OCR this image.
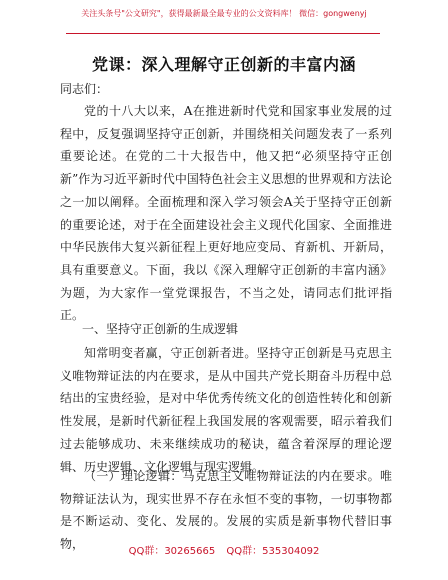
关注头条号"公文研究"，获得最新最全最专业的公文资料库！ 微信：gongwenyj
党课：深入理解守正创新的丰富内涵
同志们：

党的十八大以来，A在推进新时代党和国家事业发展的过程中，反复强调坚持守正创新，并围绕相关问题发表了一系列重要论述。在党的二十大报告中，他又把“必须坚持守正创新”作为习近平新时代中国特色社会主义思想的世界观和方法论之一加以阐释。全面梳理和深入学习领会A关于坚持守正创新的重要论述，对于在全面建设社会主义现代化国家、全面推进中华民族伟大复兴新征程上更好地应变局、育新机、开新局，具有重要意义。下面，我以《深入理解守正创新的丰富内涵》为题，为大家作一堂党课报告，不当之处，请同志们批评指正。

一、坚持守正创新的生成逻辑

知常明变者赢，守正创新者进。坚持守正创新是马克思主义唯物辩证法的内在要求，是从中国共产党长期奋斗历程中总结出的宝贵经验，是对中华优秀传统文化的创造性转化和创新性发展，是新时代新征程上我国发展的客观需要，昭示着我们过去能够成功、未来继续成功的秘诀，蕴含着深厚的理论逻辑、历史逻辑、文化逻辑与现实逻辑。

（一）理论逻辑：马克思主义唯物辩证法的内在要求。唯物辩证法认为，现实世界不存在永恒不变的事物，一切事物都是不断运动、变化、发展的。发展的实质是新事物代替旧事物，

QQ群：30265665 QQ群：535304092
